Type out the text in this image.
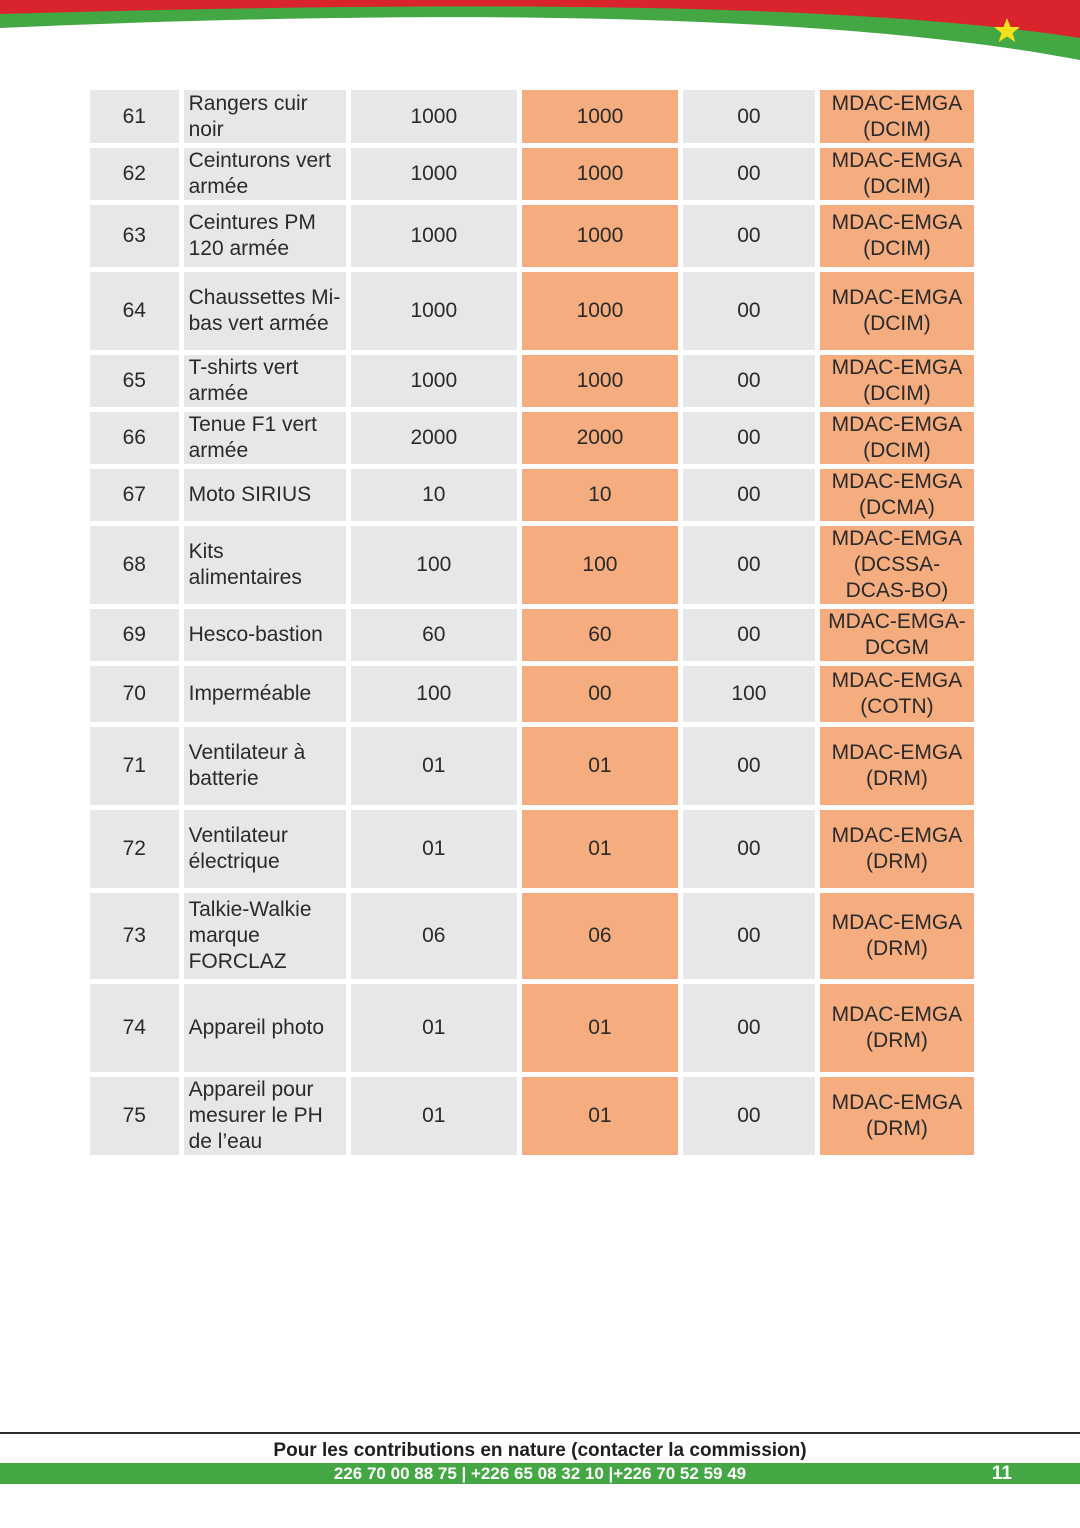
61	Rangers cuir noir	1000	1000	00	MDAC-EMGA (DCIM)
62	Ceinturons vert armée	1000	1000	00	MDAC-EMGA (DCIM)
63	Ceintures PM 120 armée	1000	1000	00	MDAC-EMGA (DCIM)
64	Chaussettes Mi-bas vert armée	1000	1000	00	MDAC-EMGA (DCIM)
65	T-shirts vert armée	1000	1000	00	MDAC-EMGA (DCIM)
66	Tenue F1 vert armée	2000	2000	00	MDAC-EMGA (DCIM)
67	Moto SIRIUS	10	10	00	MDAC-EMGA (DCMA)
68	Kits alimentaires	100	100	00	MDAC-EMGA (DCSSA-DCAS-BO)
69	Hesco-bastion	60	60	00	MDAC-EMGA-DCGM
70	Imperméable	100	00	100	MDAC-EMGA (COTN)
71	Ventilateur à batterie	01	01	00	MDAC-EMGA (DRM)
72	Ventilateur électrique	01	01	00	MDAC-EMGA (DRM)
73	Talkie-Walkie marque FORCLAZ	06	06	00	MDAC-EMGA (DRM)
74	Appareil photo	01	01	00	MDAC-EMGA (DRM)
75	Appareil pour mesurer le PH de l’eau	01	01	00	MDAC-EMGA (DRM)
Pour les contributions en nature (contacter la commission)
226 70 00 88 75 | +226 65 08 32 10 |+226 70 52 59 49	11
